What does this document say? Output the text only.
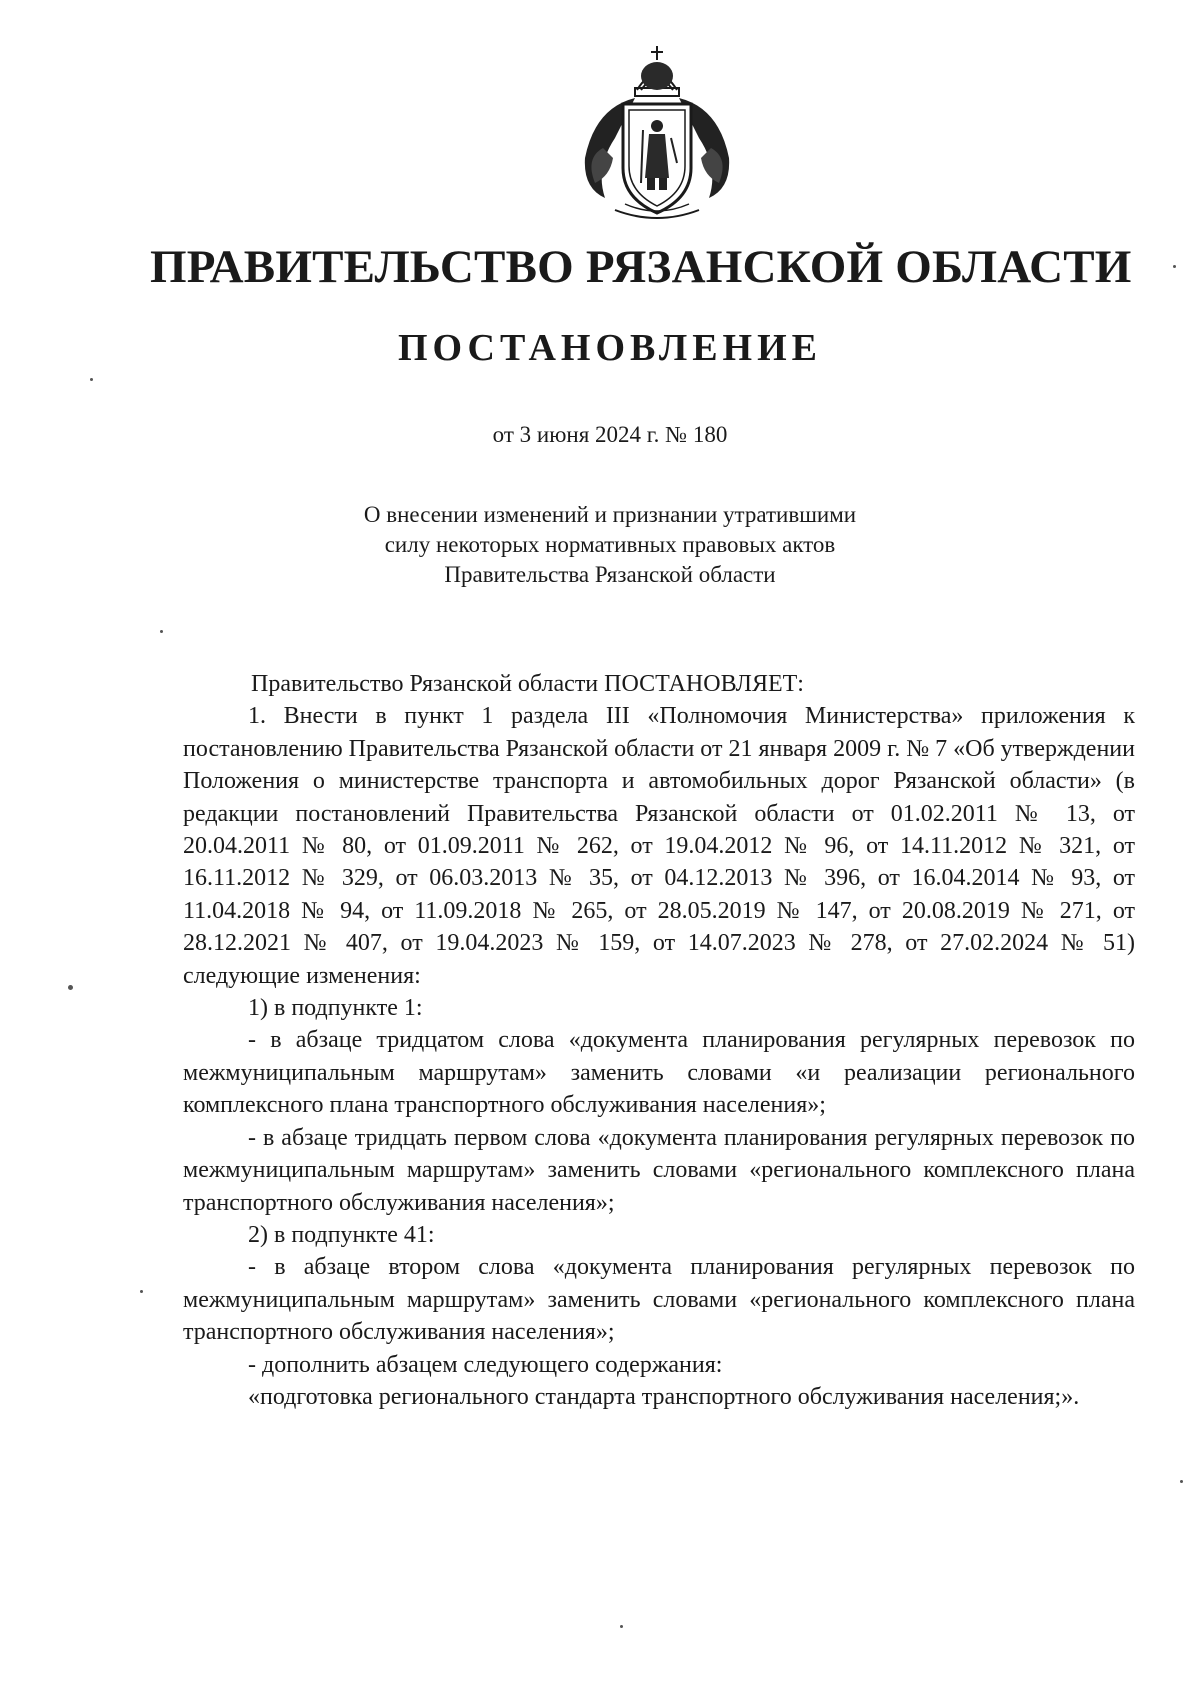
ПРАВИТЕЛЬСТВО РЯЗАНСКОЙ ОБЛАСТИ
ПОСТАНОВЛЕНИЕ
от 3 июня 2024 г. № 180
О внесении изменений и признании утратившими
силу некоторых нормативных правовых актов
Правительства Рязанской области

Правительство Рязанской области ПОСТАНОВЛЯЕТ:

1. Внести в пункт 1 раздела III «Полномочия Министерства» приложения к постановлению Правительства Рязанской области от 21 января 2009 г. № 7 «Об утверждении Положения о министерстве транспорта и автомобильных дорог Рязанской области» (в редакции постановлений Правительства Рязанской области от 01.02.2011 № 13, от 20.04.2011 № 80, от 01.09.2011 № 262, от 19.04.2012 № 96, от 14.11.2012 № 321, от 16.11.2012 № 329, от 06.03.2013 № 35, от 04.12.2013 № 396, от 16.04.2014 № 93, от 11.04.2018 № 94, от 11.09.2018 № 265, от 28.05.2019 № 147, от 20.08.2019 № 271, от 28.12.2021 № 407, от 19.04.2023 № 159, от 14.07.2023 № 278, от 27.02.2024 № 51) следующие изменения:

1) в подпункте 1:

- в абзаце тридцатом слова «документа планирования регулярных перевозок по межмуниципальным маршрутам» заменить словами «и реализации регионального комплексного плана транспортного обслуживания населения»;

- в абзаце тридцать первом слова «документа планирования регулярных перевозок по межмуниципальным маршрутам» заменить словами «регионального комплексного плана транспортного обслуживания населения»;

2) в подпункте 41:

- в абзаце втором слова «документа планирования регулярных перевозок по межмуниципальным маршрутам» заменить словами «регионального комплексного плана транспортного обслуживания населения»;

- дополнить абзацем следующего содержания:

«подготовка регионального стандарта транспортного обслуживания населения;».
